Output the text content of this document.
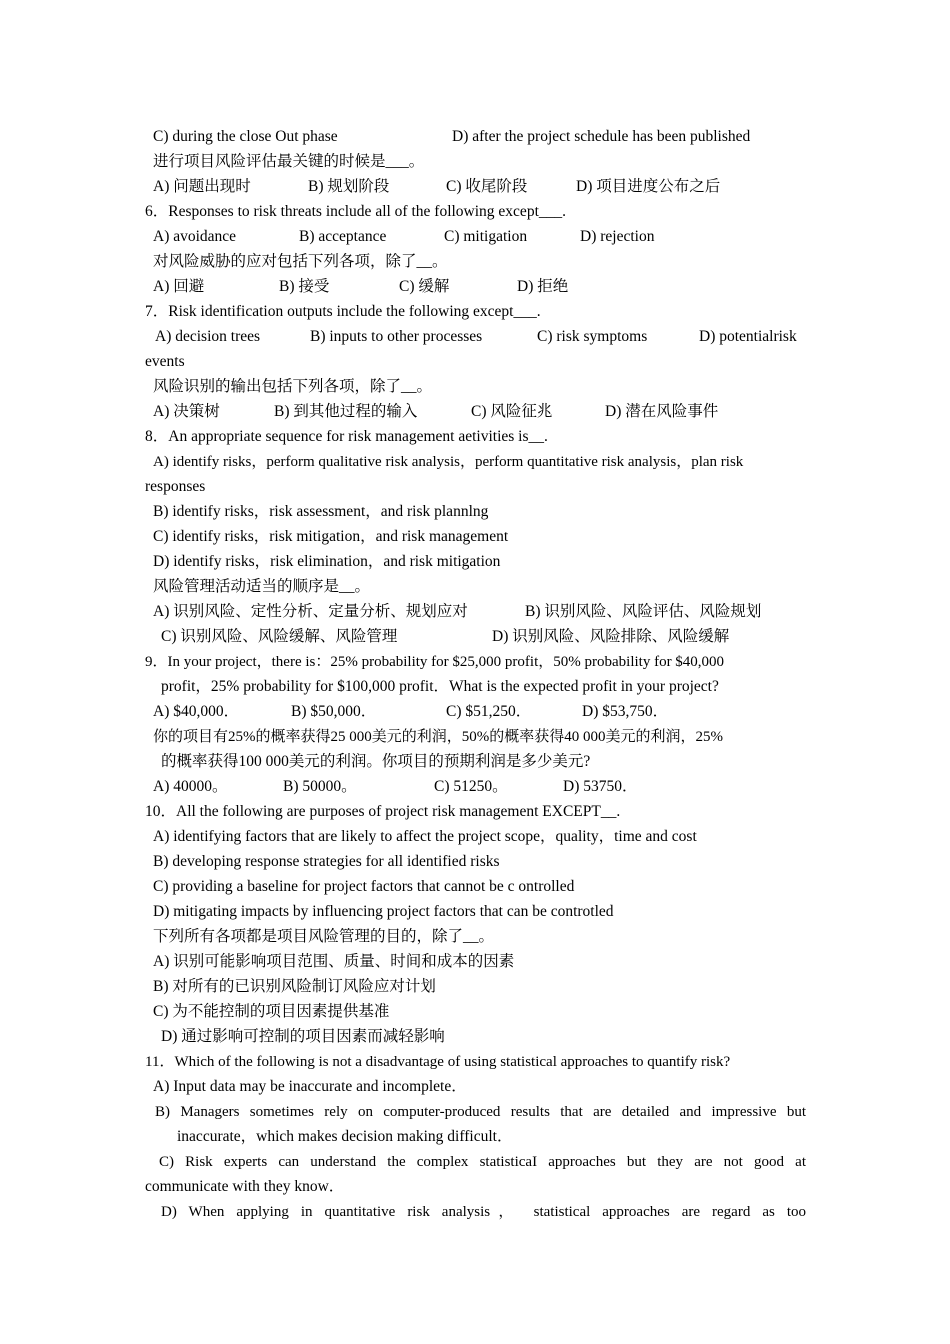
C) during the close Out phase	D) after the project schedule has been published
进行项目风险评估最关键的时候是___。
A) 问题出现时	B) 规划阶段	C) 收尾阶段	D) 项目进度公布之后
6．Responses to risk threats include all of the following except___.
A) avoidance	B) acceptance	C) mitigation	D) rejection
对风险威胁的应对包括下列各项，除了__。
A) 回避	B) 接受	C) 缓解	D) 拒绝
7．Risk identification outputs include the following except___.
A) decision trees	B) inputs to other processes	C) risk symptoms	D) potentialrisk
events
风险识别的输出包括下列各项，除了__。
A) 决策树	B) 到其他过程的输入	C) 风险征兆	D) 潜在风险事件
8．An appropriate sequence for risk management aetivities is__.
A) identify risks，perform qualitative risk analysis，perform quantitative risk analysis，plan risk
responses
B) identify risks，risk assessment，and risk plannlng
C) identify risks，risk mitigation，and risk management
D) identify risks，risk elimination，and risk mitigation
风险管理活动适当的顺序是__。
A) 识别风险、定性分析、定量分析、规划应对	B) 识别风险、风险评估、风险规划
C) 识别风险、风险缓解、风险管理	D) 识别风险、风险排除、风险缓解
9．In your project，there is：25% probability for $25,000 profit，50% probability for $40,000
profit，25% probability for $100,000 profit．What is the expected profit in your project?
A) $40,000．	B) $50,000．	C) $51,250．	D) $53,750．
你的项目有25%的概率获得25 000美元的利润，50%的概率获得40 000美元的利润，25%
的概率获得100 000美元的利润。你项目的预期利润是多少美元?
A) 40000。	B) 50000。	C) 51250。	D) 53750．
10．All the following are purposes of project risk management EXCEPT__.
A) identifying factors that are likely to affect the project scope，quality，time and cost
B) developing response strategies for all identified risks
C) providing a baseline for project factors that cannot be c ontrolled
D) mitigating impacts by influencing project factors that can be controtled
下列所有各项都是项目风险管理的目的，除了__。
A) 识别可能影响项目范围、质量、时间和成本的因素
B) 对所有的已识别风险制订风险应对计划
C) 为不能控制的项目因素提供基准
D) 通过影响可控制的项目因素而减轻影响
11．Which of the following is not a disadvantage of using statistical approaches to quantify risk?
A) Input data may be inaccurate and incomplete．
B) Managers sometimes rely on computer-produced results that are detailed and impressive but
inaccurate，which makes decision making difficult．
C) Risk experts can understand the complex statisticaI approaches but they are not good at
communicate with they know．
D) When applying in quantitative risk analysis， statistical approaches are regard as too
